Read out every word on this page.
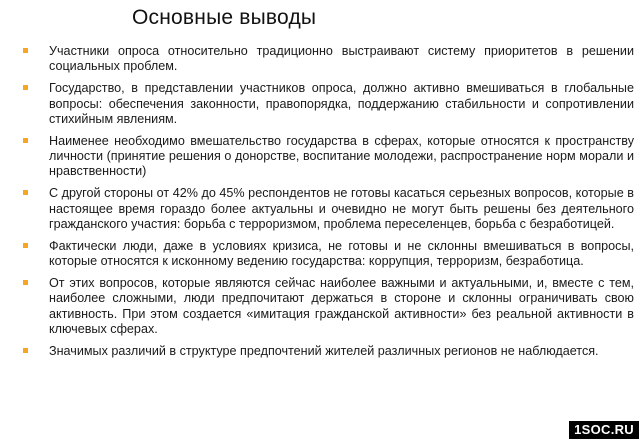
Основные выводы
Участники опроса относительно традиционно выстраивают систему приоритетов в решении социальных проблем.
Государство, в представлении участников опроса, должно активно вмешиваться в глобальные вопросы: обеспечения законности, правопорядка, поддержанию стабильности и сопротивлении стихийным явлениям.
Наименее необходимо вмешательство государства в сферах, которые относятся к пространству личности (принятие решения о донорстве, воспитание молодежи, распространение норм морали и нравственности)
С другой стороны от 42% до 45% респондентов не готовы касаться серьезных вопросов, которые в настоящее время гораздо более актуальны и очевидно не могут быть решены без деятельного гражданского участия: борьба с терроризмом, проблема переселенцев, борьба с безработицей.
Фактически люди, даже в условиях кризиса, не готовы и не склонны вмешиваться в вопросы, которые относятся к исконному ведению государства: коррупция, терроризм, безработица.
От этих вопросов, которые являются сейчас наиболее важными и актуальными, и, вместе с тем, наиболее сложными, люди предпочитают держаться в стороне и склонны ограничивать свою активность. При этом создается «имитация гражданской активности» без реальной активности в ключевых сферах.
Значимых различий в структуре предпочтений жителей различных регионов не наблюдается.
1SOC.RU
